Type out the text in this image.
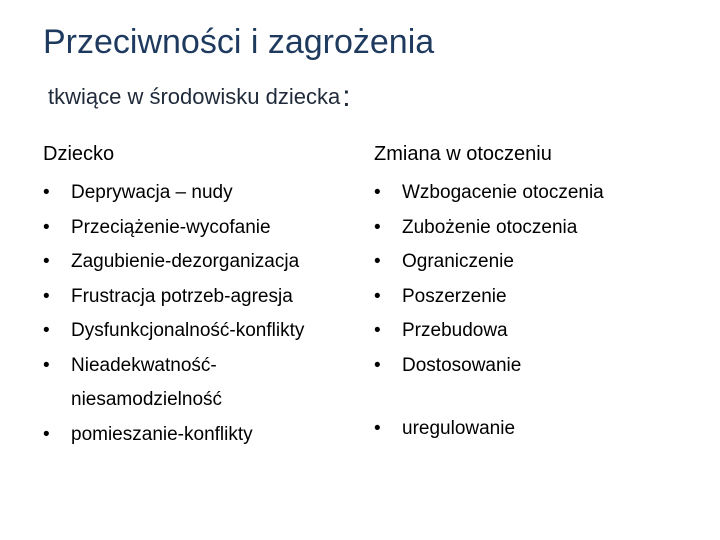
Przeciwności i zagrożenia
tkwiące w środowisku dziecka:
Dziecko
•	Deprywacja – nudy
•	Przeciążenie-wycofanie
•	Zagubienie-dezorganizacja
•	Frustracja potrzeb-agresja
•	Dysfunkcjonalność-konflikty
•	Nieadekwatność-
niesamodzielność
•	pomieszanie-konflikty
Zmiana w otoczeniu
•	Wzbogacenie otoczenia
•	Zubożenie otoczenia
•	Ograniczenie
•	Poszerzenie
•	Przebudowa
•	Dostosowanie
• uregulowanie
